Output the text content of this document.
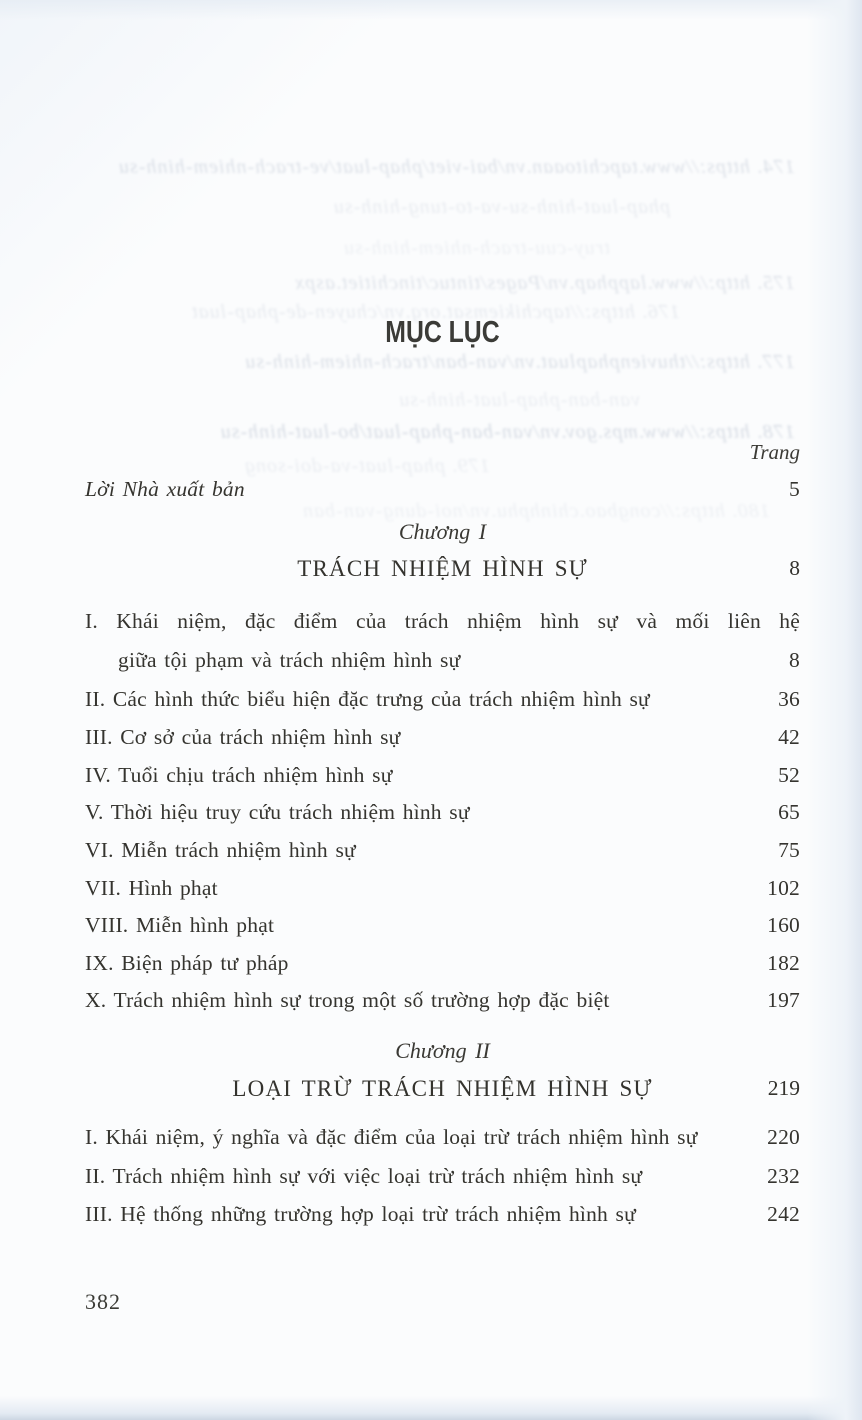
174. https://www.tapchitoaan.vn/bai-viet/phap-luat/ve-trach-nhiem-hinh-su
phap-luat-hinh-su-va-to-tung-hinh-su
truy-cuu-trach-nhiem-hinh-su
175. http://www.lapphap.vn/Pages/tintuc/tinchitiet.aspx
176. https://tapchikiemsat.org.vn/chuyen-de-phap-luat
177. https://thuvienphapluat.vn/van-ban/trach-nhiem-hinh-su
van-ban-phap-luat-hinh-su
178. https://www.mps.gov.vn/van-ban-phap-luat/bo-luat-hinh-su
179. phap-luat-va-doi-song
180. https://congbao.chinhphu.vn/noi-dung-van-ban
MỤC LỤC
Trang
Lời Nhà xuất bản	5
Chương I
TRÁCH NHIỆM HÌNH SỰ	8
I. Khái niệm, đặc điểm của trách nhiệm hình sự và mối liên hệ
giữa tội phạm và trách nhiệm hình sự	8
II. Các hình thức biểu hiện đặc trưng của trách nhiệm hình sự	36
III. Cơ sở của trách nhiệm hình sự	42
IV. Tuổi chịu trách nhiệm hình sự	52
V. Thời hiệu truy cứu trách nhiệm hình sự	65
VI. Miễn trách nhiệm hình sự	75
VII. Hình phạt	102
VIII. Miễn hình phạt	160
IX. Biện pháp tư pháp	182
X. Trách nhiệm hình sự trong một số trường hợp đặc biệt	197
Chương II
LOẠI TRỪ TRÁCH NHIỆM HÌNH SỰ	219
I. Khái niệm, ý nghĩa và đặc điểm của loại trừ trách nhiệm hình sự	220
II. Trách nhiệm hình sự với việc loại trừ trách nhiệm hình sự	232
III. Hệ thống những trường hợp loại trừ trách nhiệm hình sự	242
382
